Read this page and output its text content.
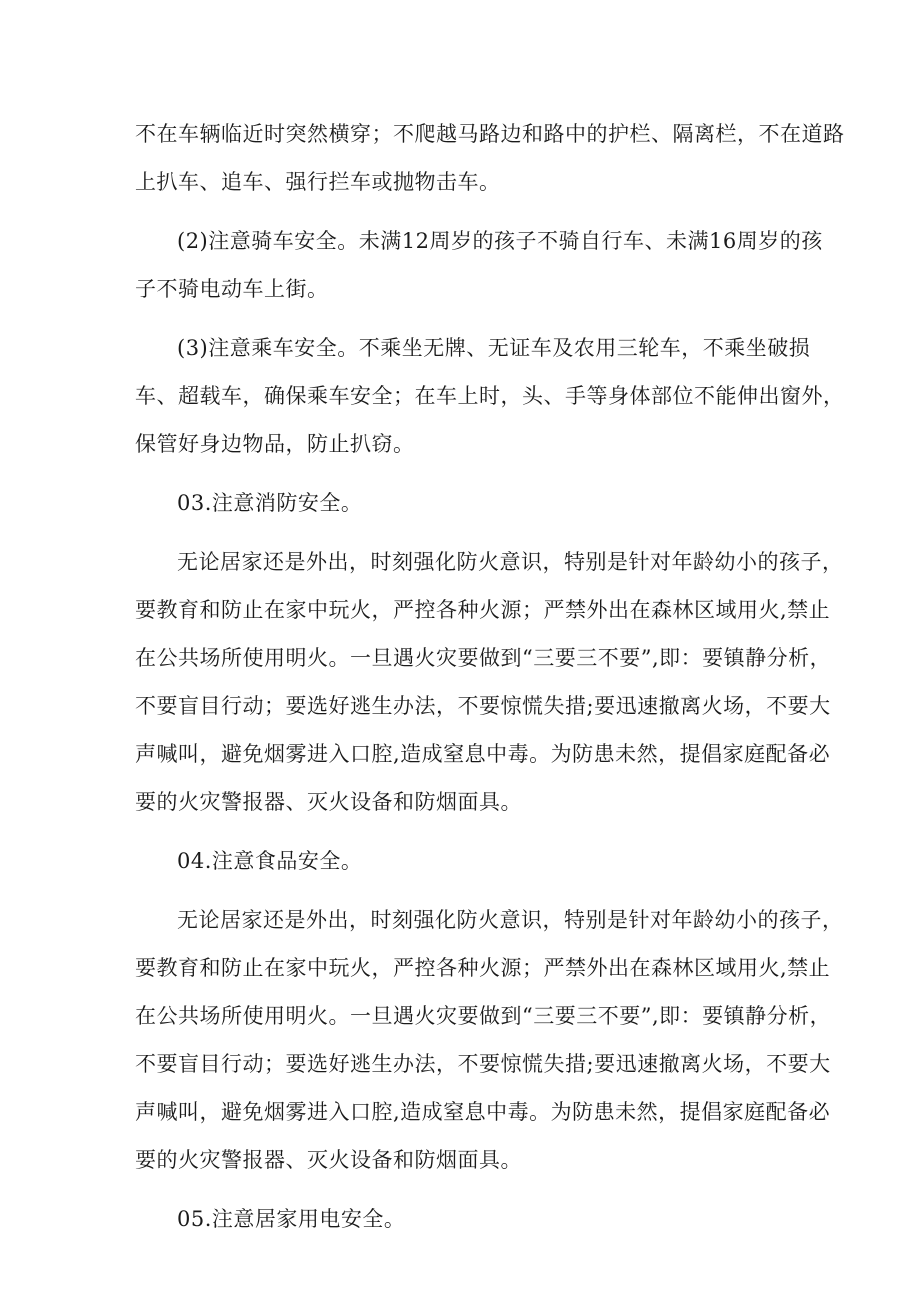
不在车辆临近时突然横穿；不爬越马路边和路中的护栏、隔离栏，不在道路
上扒车、追车、强行拦车或抛物击车。

(2)注意骑车安全。未满12周岁的孩子不骑自行车、未满16周岁的孩
子不骑电动车上街。

(3)注意乘车安全。不乘坐无牌、无证车及农用三轮车，不乘坐破损
车、超载车，确保乘车安全；在车上时，头、手等身体部位不能伸出窗外，
保管好身边物品，防止扒窃。

03.注意消防安全。

无论居家还是外出，时刻强化防火意识，特别是针对年龄幼小的孩子，
要教育和防止在家中玩火，严控各种火源；严禁外出在森林区域用火,禁止
在公共场所使用明火。一旦遇火灾要做到“三要三不要”,即：要镇静分析，
不要盲目行动；要选好逃生办法，不要惊慌失措;要迅速撤离火场，不要大
声喊叫，避免烟雾进入口腔,造成窒息中毒。为防患未然，提倡家庭配备必
要的火灾警报器、灭火设备和防烟面具。

04.注意食品安全。

无论居家还是外出，时刻强化防火意识，特别是针对年龄幼小的孩子，
要教育和防止在家中玩火，严控各种火源；严禁外出在森林区域用火,禁止
在公共场所使用明火。一旦遇火灾要做到“三要三不要”,即：要镇静分析，
不要盲目行动；要选好逃生办法，不要惊慌失措;要迅速撤离火场，不要大
声喊叫，避免烟雾进入口腔,造成窒息中毒。为防患未然，提倡家庭配备必
要的火灾警报器、灭火设备和防烟面具。

05.注意居家用电安全。
